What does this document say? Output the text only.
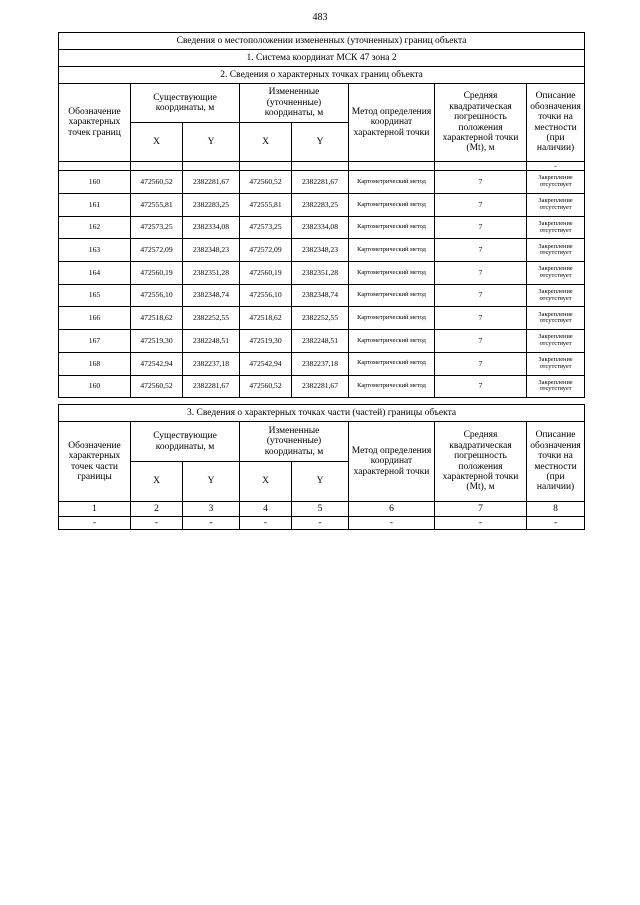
483
Сведения о местоположении измененных (уточненных) границ объекта							
1. Система координат МСК 47 зона 2							
2. Сведения о характерных точках границ объекта							
Обозначение характерных точек границ	Существующие координаты, м		Измененные (уточненные) координаты, м		Метод определения координат характерной точки	Средняя квадратическая погрешность положения характерной точки (Mt), м	Описание обозначения точки на местности (при наличии)
	X	Y	X	Y			
							-
160	472560,52	2382281,67	472560,52	2382281,67	Картометрический метод	7	Закрепление отсутствует
161	472555,81	2382283,25	472555,81	2382283,25	Картометрический метод	7	Закрепление отсутствует
162	472573,25	2382334,08	472573,25	2382334,08	Картометрический метод	7	Закрепление отсутствует
163	472572,09	2382348,23	472572,09	2382348,23	Картометрический метод	7	Закрепление отсутствует
164	472560,19	2382351,28	472560,19	2382351,28	Картометрический метод	7	Закрепление отсутствует
165	472556,10	2382348,74	472556,10	2382348,74	Картометрический метод	7	Закрепление отсутствует
166	472518,62	2382252,55	472518,62	2382252,55	Картометрический метод	7	Закрепление отсутствует
167	472519,30	2382248,51	472519,30	2382248,51	Картометрический метод	7	Закрепление отсутствует
168	472542,94	2382237,18	472542,94	2382237,18	Картометрический метод	7	Закрепление отсутствует
160	472560,52	2382281,67	472560,52	2382281,67	Картометрический метод	7	Закрепление отсутствует
3. Сведения о характерных точках части (частей) границы объекта							
Обозначение характерных точек части границы	Существующие координаты, м		Измененные (уточненные) координаты, м		Метод определения координат характерной точки	Средняя квадратическая погрешность положения характерной точки (Mt), м	Описание обозначения точки на местности (при наличии)
	X	Y	X	Y			
1	2	3	4	5	6	7	8
-	-	-	-	-	-	-	-
